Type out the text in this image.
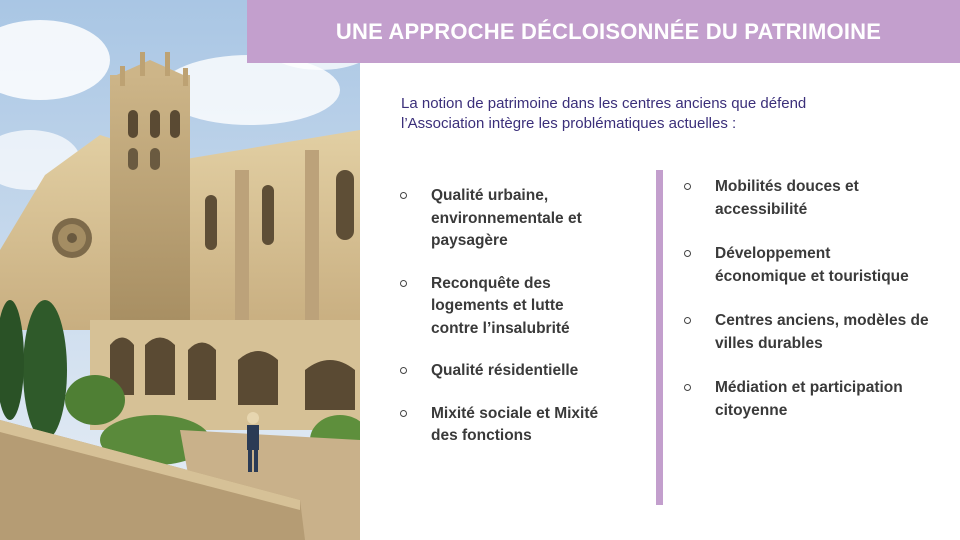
UNE APPROCHE DÉCLOISONNÉE DU PATRIMOINE
La notion de patrimoine dans les centres anciens que défend
l’Association intègre les problématiques actuelles :
Qualité urbaine,
environnementale et
paysagère
Reconquête des
logements et lutte
contre l’insalubrité
Qualité résidentielle
Mixité sociale et Mixité
des fonctions
Mobilités douces et
accessibilité
Développement
économique et touristique
Centres anciens, modèles de
villes durables
Médiation et participation
citoyenne
